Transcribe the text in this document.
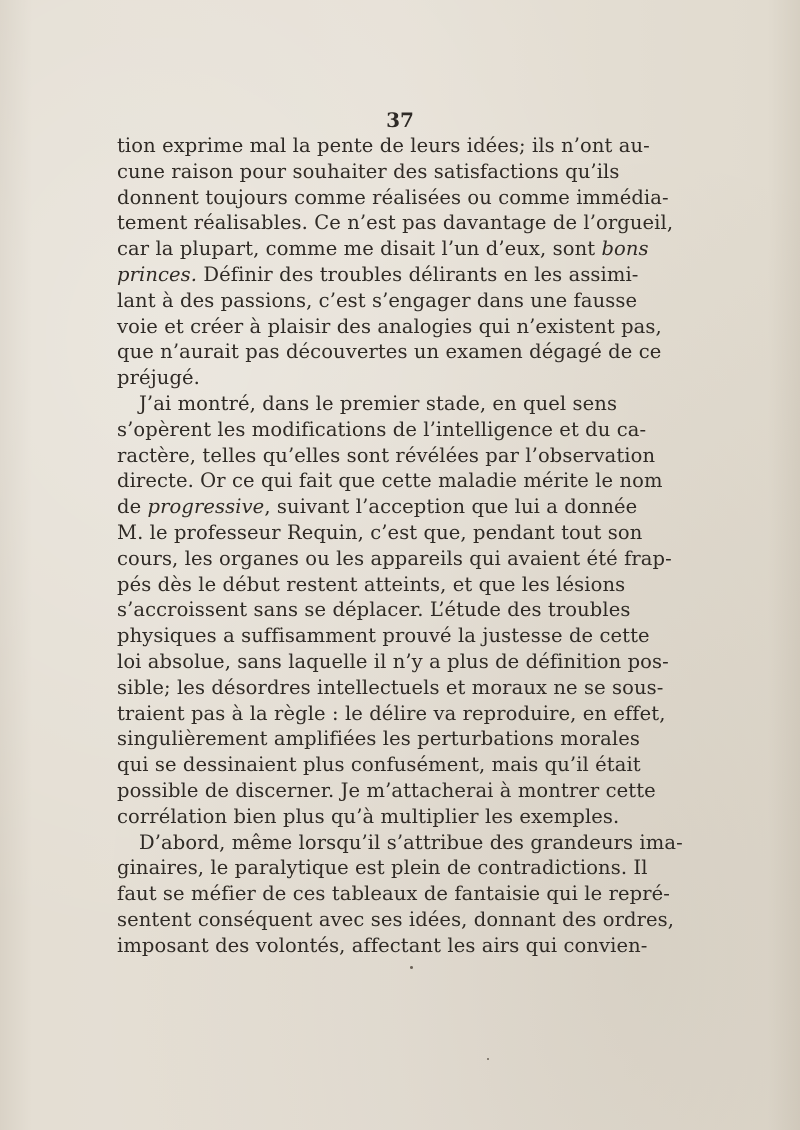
37
tion exprime mal la pente de leurs idées; ils n’ont au-
cune raison pour souhaiter des satisfactions qu’ils
donnent toujours comme réalisées ou comme immédia-
tement réalisables. Ce n’est pas davantage de l’orgueil,
car la plupart, comme me disait l’un d’eux, sont bons
princes. Définir des troubles délirants en les assimi-
lant à des passions, c’est s’engager dans une fausse
voie et créer à plaisir des analogies qui n’existent pas,
que n’aurait pas découvertes un examen dégagé de ce
préjugé.
J’ai montré, dans le premier stade, en quel sens
s’opèrent les modifications de l’intelligence et du ca-
ractère, telles qu’elles sont révélées par l’observation
directe. Or ce qui fait que cette maladie mérite le nom
de progressive, suivant l’acception que lui a donnée
M. le professeur Requin, c’est que, pendant tout son
cours, les organes ou les appareils qui avaient été frap-
pés dès le début restent atteints, et que les lésions
s’accroissent sans se déplacer. L’étude des troubles
physiques a suffisamment prouvé la justesse de cette
loi absolue, sans laquelle il n’y a plus de définition pos-
sible; les désordres intellectuels et moraux ne se sous-
traient pas à la règle : le délire va reproduire, en effet,
singulièrement amplifiées les perturbations morales
qui se dessinaient plus confusément, mais qu’il était
possible de discerner. Je m’attacherai à montrer cette
corrélation bien plus qu’à multiplier les exemples.
D’abord, même lorsqu’il s’attribue des grandeurs ima-
ginaires, le paralytique est plein de contradictions. Il
faut se méfier de ces tableaux de fantaisie qui le repré-
sentent conséquent avec ses idées, donnant des ordres,
imposant des volontés, affectant les airs qui convien-
